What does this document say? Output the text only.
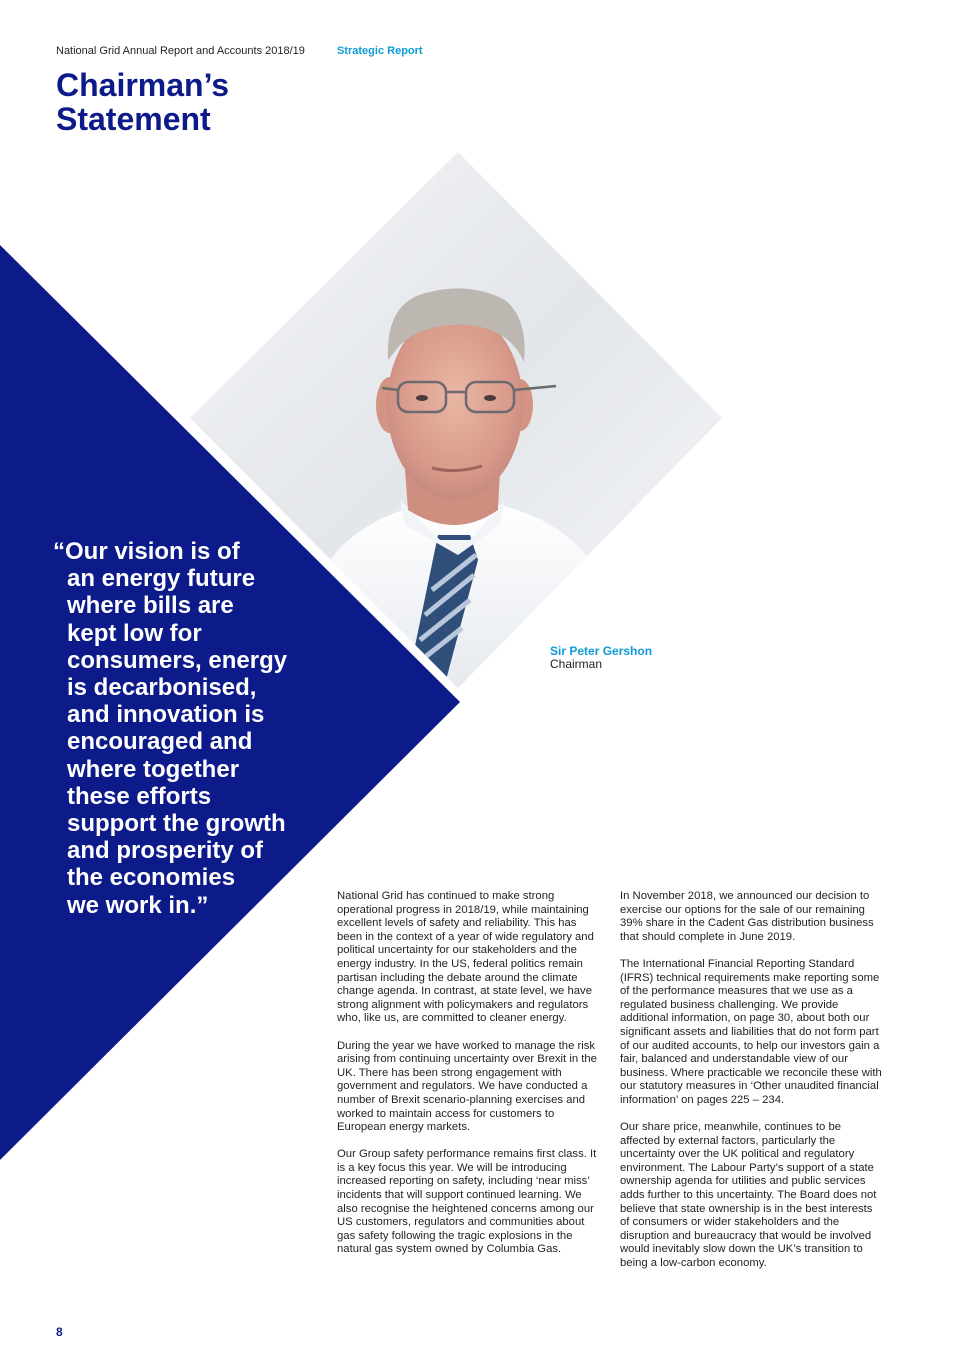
National Grid Annual Report and Accounts 2018/19	Strategic Report
Chairman’s
Statement
“Our vision is of
an energy future
where bills are
kept low for
consumers, energy
is decarbonised,
and innovation is
encouraged and
where together
these efforts
support the growth
and prosperity of
the economies
we work in.”
Sir Peter Gershon
Chairman

National Grid has continued to make strong operational progress in 2018/19, while maintaining excellent levels of safety and reliability. This has been in the context of a year of wide regulatory and political uncertainty for our stakeholders and the energy industry. In the US, federal politics remain partisan including the debate around the climate change agenda. In contrast, at state level, we have strong alignment with policymakers and regulators who, like us, are committed to cleaner energy.

During the year we have worked to manage the risk arising from continuing uncertainty over Brexit in the UK. There has been strong engagement with government and regulators. We have conducted a number of Brexit scenario-planning exercises and worked to maintain access for customers to European energy markets.

Our Group safety performance remains first class. It is a key focus this year. We will be introducing increased reporting on safety, including ‘near miss’ incidents that will support continued learning. We also recognise the heightened concerns among our US customers, regulators and communities about gas safety following the tragic explosions in the natural gas system owned by Columbia Gas.

In November 2018, we announced our decision to exercise our options for the sale of our remaining 39% share in the Cadent Gas distribution business that should complete in June 2019.

The International Financial Reporting Standard (IFRS) technical requirements make reporting some of the performance measures that we use as a regulated business challenging. We provide additional information, on page 30, about both our significant assets and liabilities that do not form part of our audited accounts, to help our investors gain a fair, balanced and understandable view of our business. Where practicable we reconcile these with our statutory measures in ‘Other unaudited financial information’ on pages 225 – 234.

Our share price, meanwhile, continues to be affected by external factors, particularly the uncertainty over the UK political and regulatory environment. The Labour Party’s support of a state ownership agenda for utilities and public services adds further to this uncertainty. The Board does not believe that state ownership is in the best interests of consumers or wider stakeholders and the disruption and bureaucracy that would be involved would inevitably slow down the UK’s transition to being a low-carbon economy.

8
